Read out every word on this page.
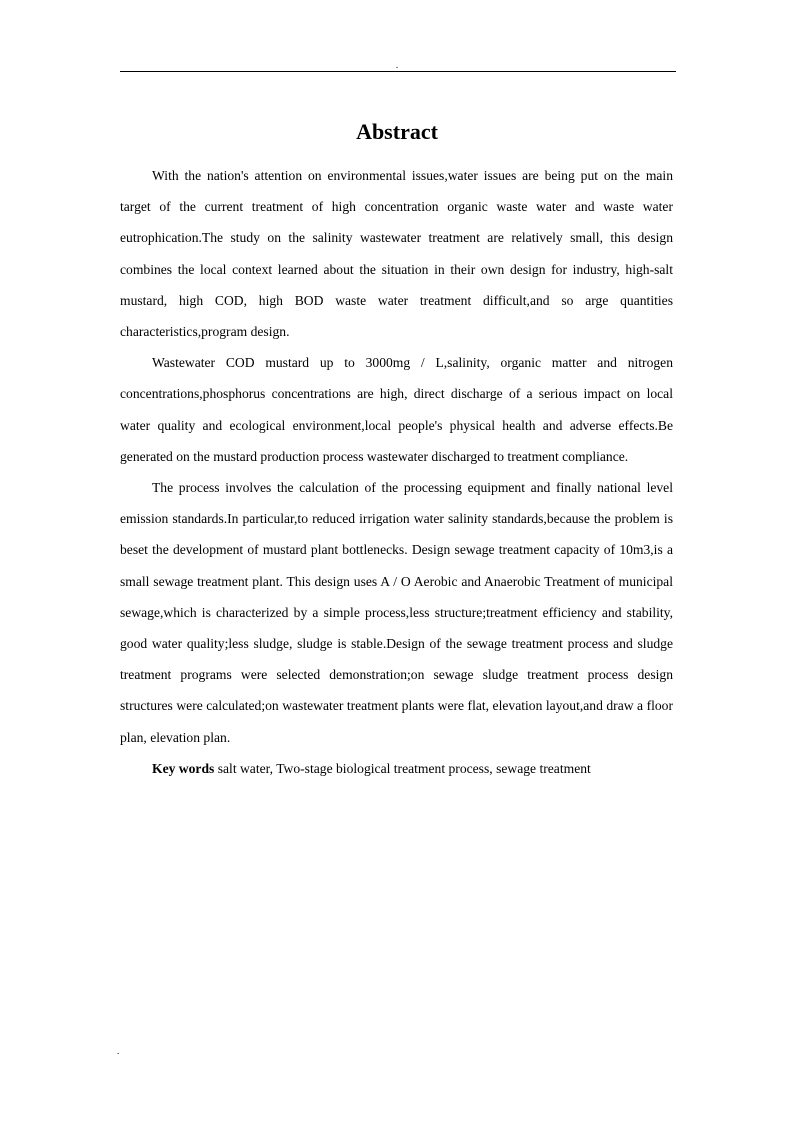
.
Abstract

With the nation's attention on environmental issues,water issues are being put on the main target of the current treatment of high concentration organic waste water and waste water eutrophication.The study on the salinity wastewater treatment are relatively small, this design combines the local context learned about the situation in their own design for industry, high-salt mustard, high COD, high BOD waste water treatment difficult,and so arge quantities characteristics,program design.

Wastewater COD mustard up to 3000mg / L,salinity, organic matter and nitrogen concentrations,phosphorus concentrations are high, direct discharge of a serious impact on local water quality and ecological environment,local people's physical health and adverse effects.Be generated on the mustard production process wastewater discharged to treatment compliance.

The process involves the calculation of the processing equipment and finally national level emission standards.In particular,to reduced irrigation water salinity standards,because the problem is beset the development of mustard plant bottlenecks. Design sewage treatment capacity of 10m3,is a small sewage treatment plant. This design uses A / O Aerobic and Anaerobic Treatment of municipal sewage,which is characterized by a simple process,less structure;treatment efficiency and stability, good water quality;less sludge, sludge is stable.Design of the sewage treatment process and sludge treatment programs were selected demonstration;on sewage sludge treatment process design structures were calculated;on wastewater treatment plants were flat, elevation layout,and draw a floor plan, elevation plan.

Key words salt water, Two-stage biological treatment process, sewage treatment

.
